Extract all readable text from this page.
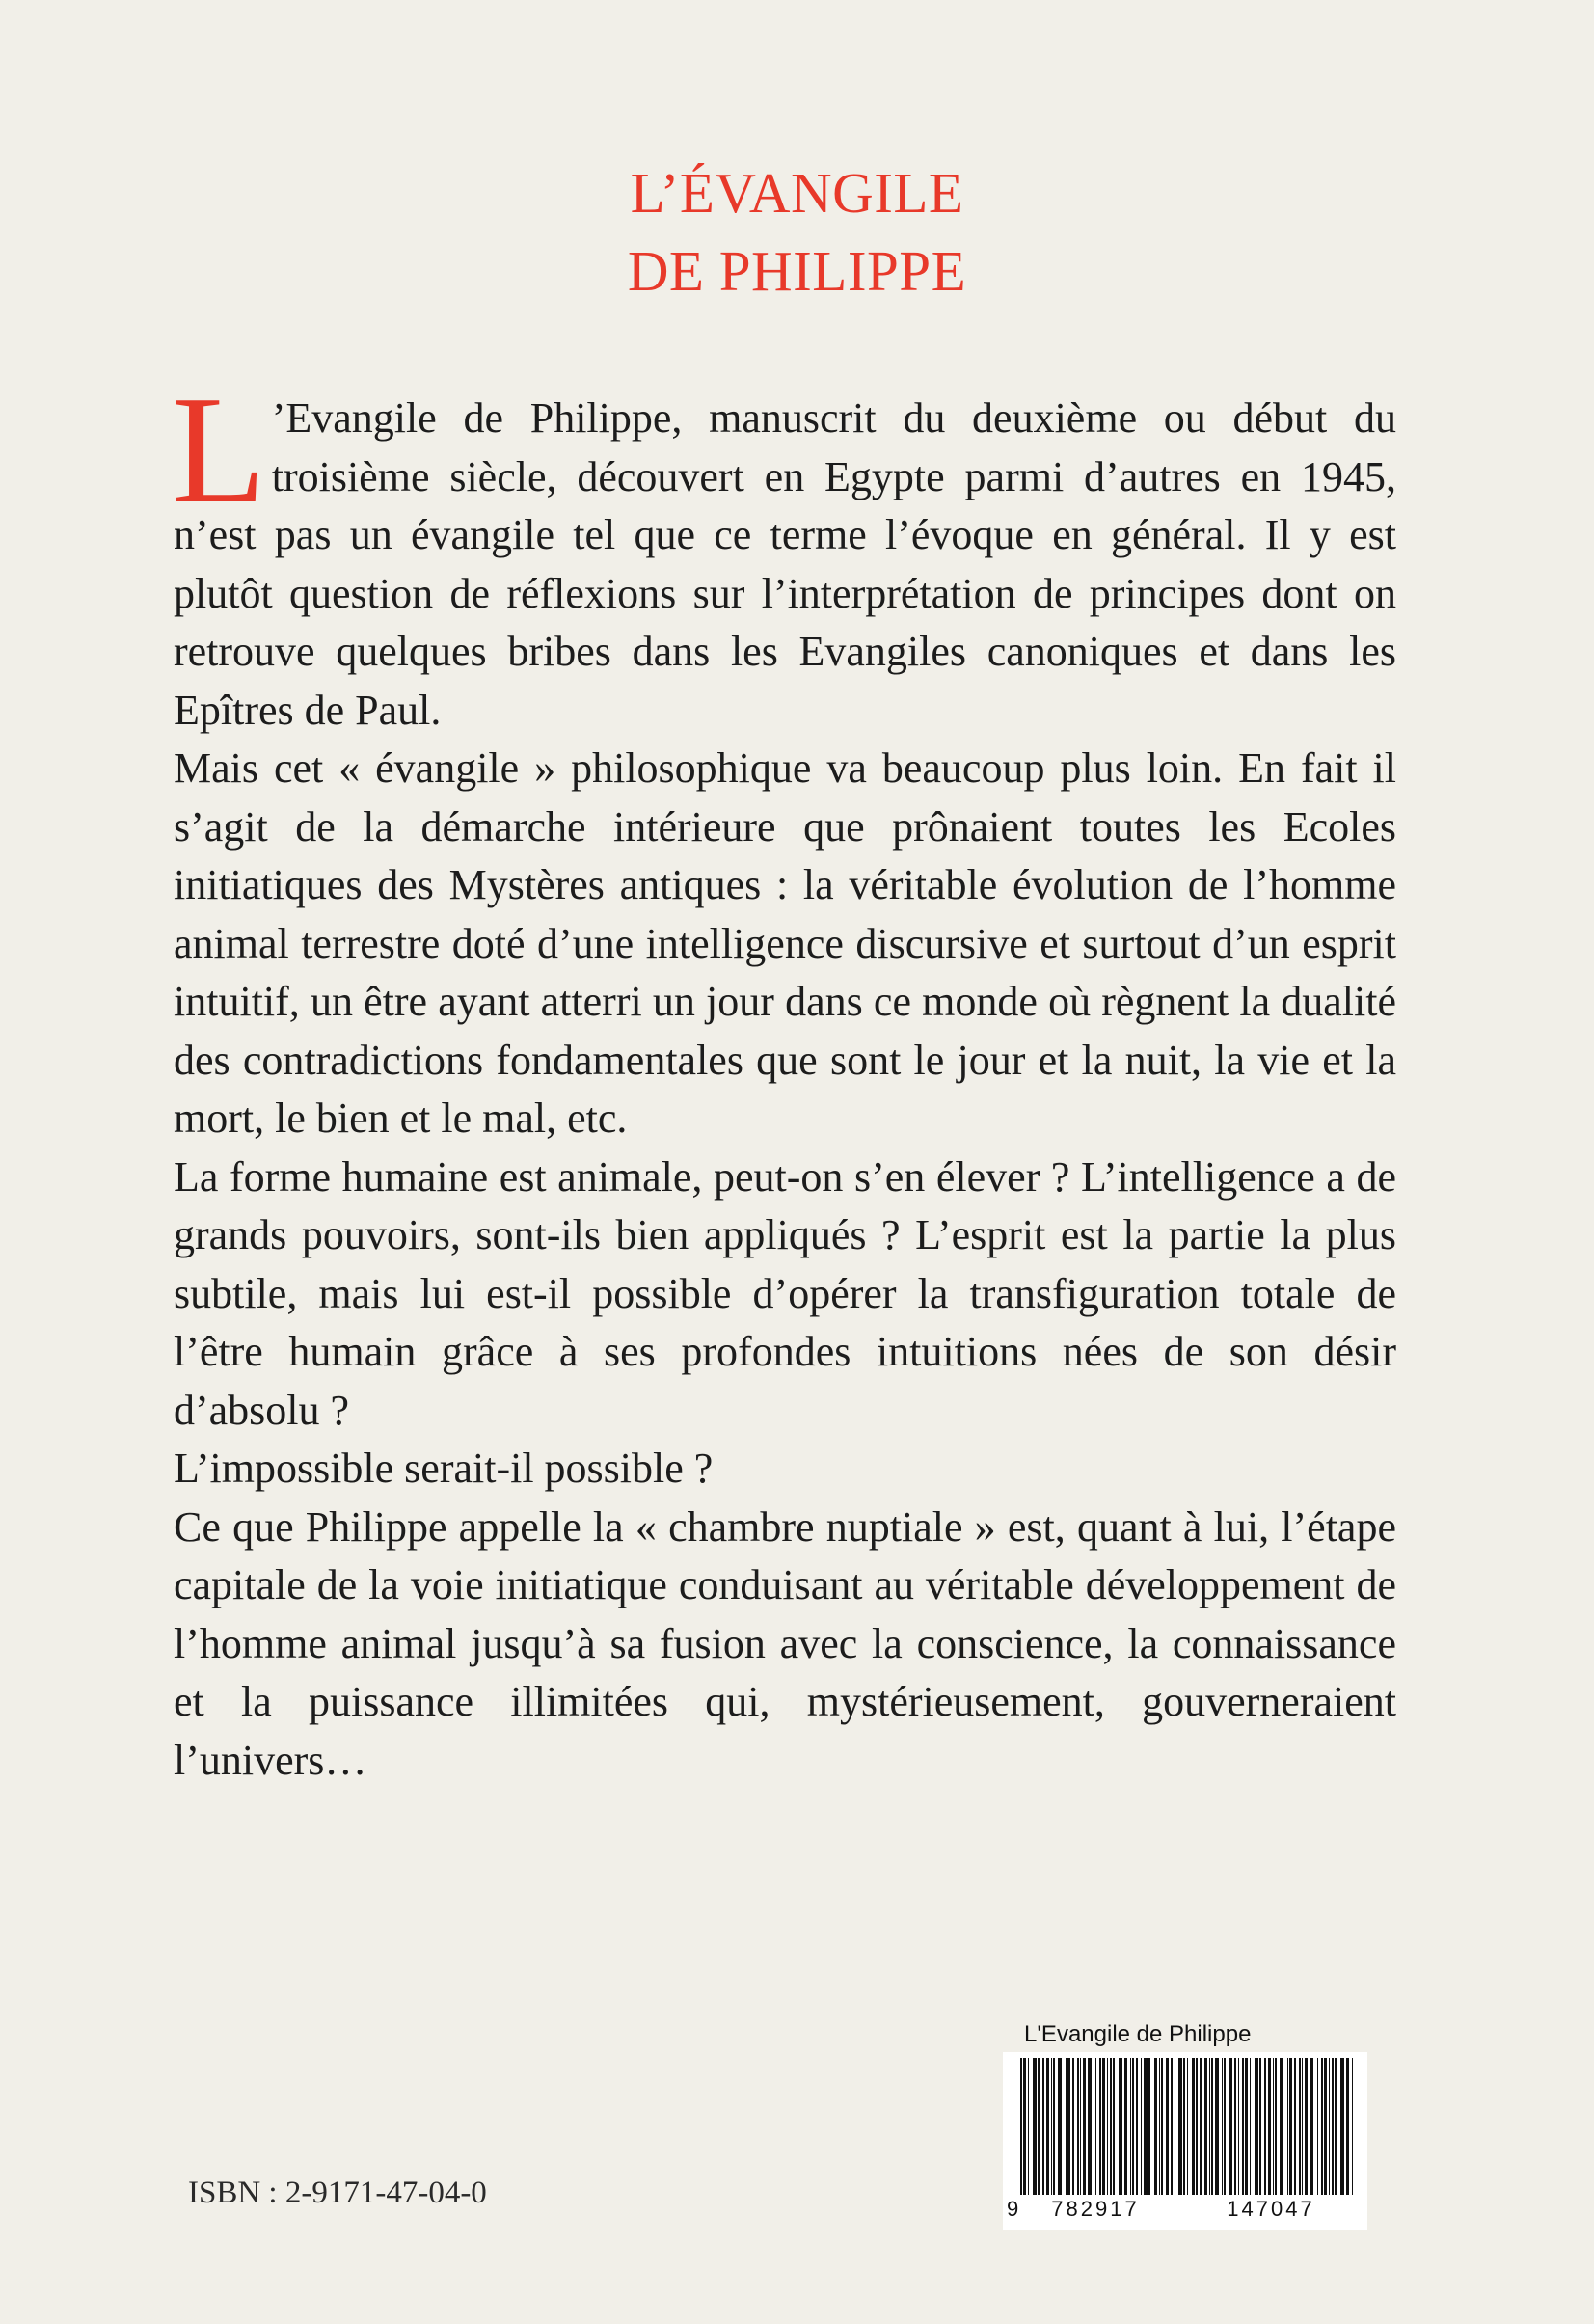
L’ÉVANGILE
DE PHILIPPE
L ’Evangile de Philippe, manuscrit du deuxième ou début du troisième siècle, découvert en Egypte parmi d’autres en 1945, n’est pas un évangile tel que ce terme l’évoque en général. Il y est plutôt question de réflexions sur l’interprétation de principes dont on retrouve quelques bribes dans les Evangiles canoniques et dans les Epîtres de Paul.
Mais cet « évangile » philosophique va beaucoup plus loin. En fait il s’agit de la démarche intérieure que prônaient toutes les Ecoles initiatiques des Mystères antiques : la véritable évolution de l’homme animal terrestre doté d’une intelligence discursive et surtout d’un esprit intuitif, un être ayant atterri un jour dans ce monde où règnent la dualité des contradictions fondamentales que sont le jour et la nuit, la vie et la mort, le bien et le mal, etc.
La forme humaine est animale, peut-on s’en élever ? L’intelligence a de grands pouvoirs, sont-ils bien appliqués ? L’esprit est la partie la plus subtile, mais lui est-il possible d’opérer la transfiguration totale de l’être humain grâce à ses profondes intuitions nées de son désir d’absolu ?
L’impossible serait-il possible ?
Ce que Philippe appelle la « chambre nuptiale » est, quant à lui, l’étape capitale de la voie initiatique conduisant au véritable développement de l’homme animal jusqu’à sa fusion avec la conscience, la connaissance et la puissance illimitées qui, mystérieusement, gouverneraient l’univers…
L'Evangile de Philippe
9 782917	147047
ISBN : 2-9171-47-04-0
